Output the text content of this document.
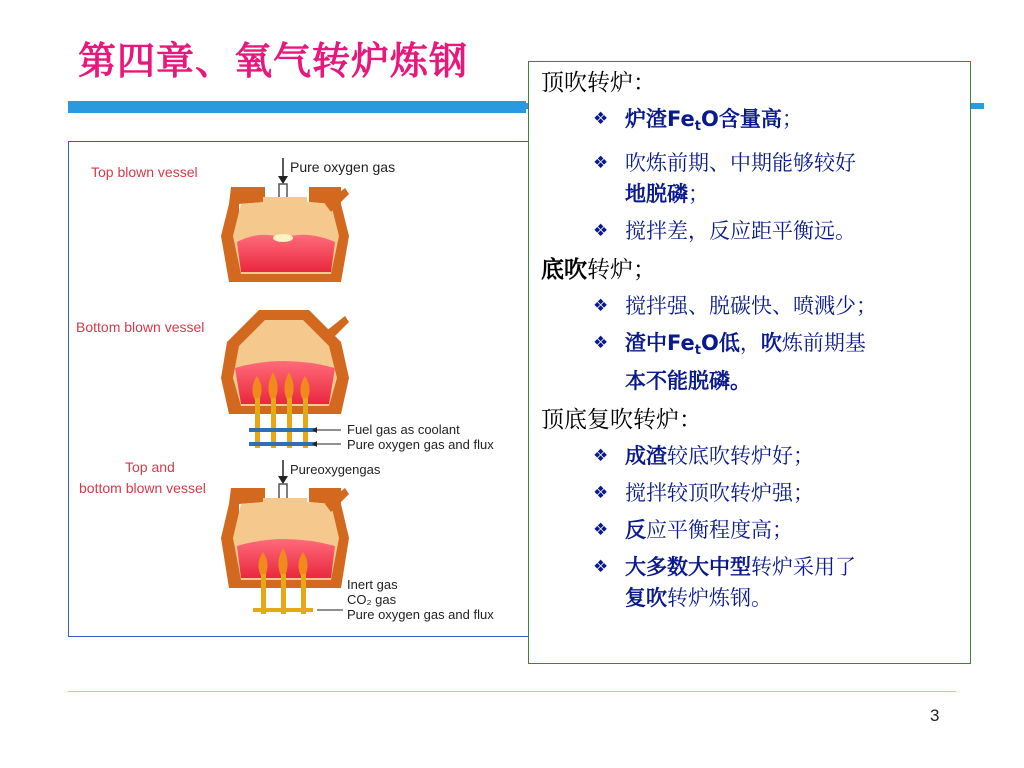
第四章、氧气转炉炼钢
Top blown vessel	Pure oxygen gas
Bottom blown vessel
Fuel gas as coolant
Pure oxygen gas and flux
Top and
bottom blown vessel
Pureoxygengas
Inert gas
CO₂ gas
Pure oxygen gas and flux

顶吹转炉：

❖ 炉渣$Fe_tO$含量高；
❖ 吹炼前期、中期能够较好
地脱磷；
❖ 搅拌差，反应距平衡远。

底吹转炉；

❖ 搅拌强、脱碳快、喷溅少；
❖ 渣中$Fe_tO$低，吹炼前期基
本不能脱磷。

顶底复吹转炉：

❖ 成渣较底吹转炉好；
❖ 搅拌较顶吹转炉强；
❖ 反应平衡程度高；
❖ 大多数大中型转炉采用了
复吹转炉炼钢。
3
